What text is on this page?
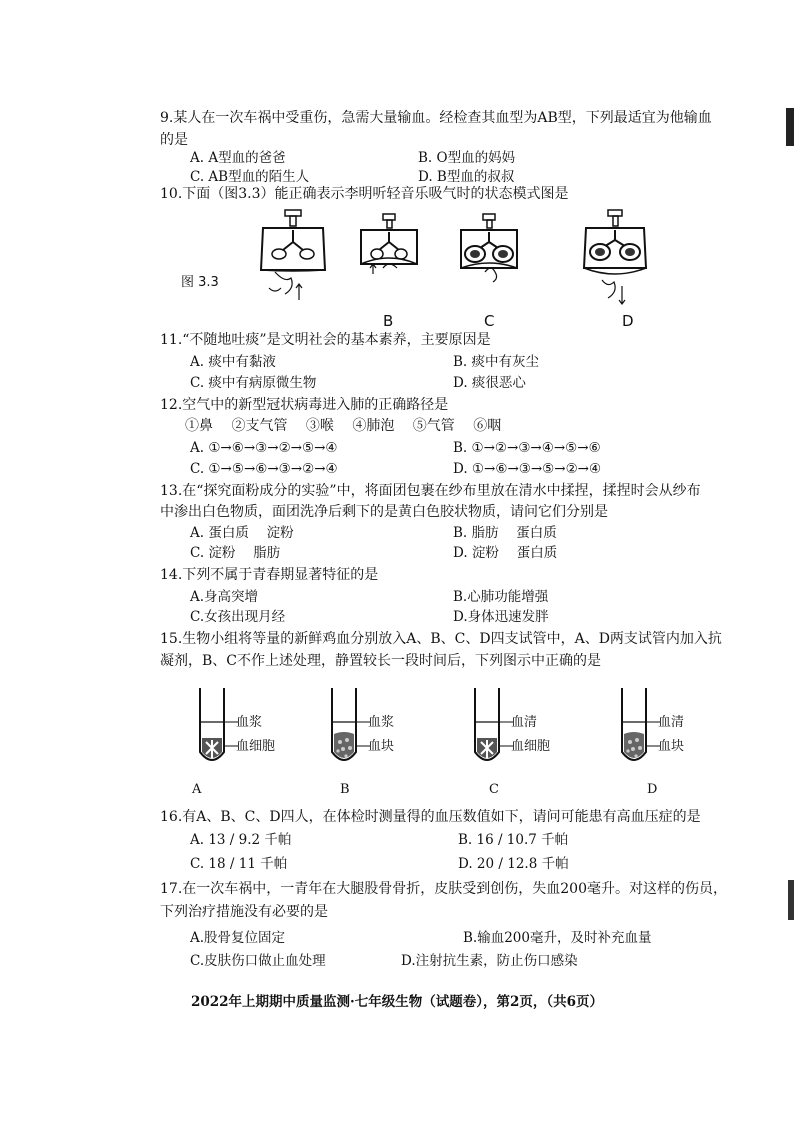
9.某人在一次车祸中受重伤，急需大量输血。经检查其血型为AB型，下列最适宜为他输血
的是
A. A型血的爸爸	B. O型血的妈妈
C. AB型血的陌生人	D. B型血的叔叔
10.下面（图3.3）能正确表示李明听轻音乐吸气时的状态模式图是
图 3.3
B	C	D
11.“不随地吐痰”是文明社会的基本素养，主要原因是
A. 痰中有黏液	B. 痰中有灰尘
C. 痰中有病原微生物	D. 痰很恶心
12.空气中的新型冠状病毒进入肺的正确路径是
①鼻　 ②支气管　 ③喉　 ④肺泡　 ⑤气管　 ⑥咽
A. ①→⑥→③→②→⑤→④	B. ①→②→③→④→⑤→⑥
C. ①→⑤→⑥→③→②→④	D. ①→⑥→③→⑤→②→④
13.在“探究面粉成分的实验”中，将面团包裹在纱布里放在清水中揉捏，揉捏时会从纱布
中渗出白色物质，面团洗净后剩下的是黄白色胶状物质，请问它们分别是
A. 蛋白质　 淀粉	B. 脂肪　 蛋白质
C. 淀粉　 脂肪	D. 淀粉　 蛋白质
14.下列不属于青春期显著特征的是
A.身高突增	B.心肺功能增强
C.女孩出现月经	D.身体迅速发胖
15.生物小组将等量的新鲜鸡血分别放入A、B、C、D四支试管中，A、D两支试管内加入抗
凝剂，B、C不作上述处理，静置较长一段时间后，下列图示中正确的是
血浆
血细胞
A
血浆
血块
B
血清
血细胞
C
血清
血块
D
16.有A、B、C、D四人，在体检时测量得的血压数值如下，请问可能患有高血压症的是
A. 13 / 9.2 千帕	B. 16 / 10.7 千帕
C. 18 / 11 千帕	D. 20 / 12.8 千帕
17.在一次车祸中，一青年在大腿股骨骨折，皮肤受到创伤，失血200毫升。对这样的伤员，
下列治疗措施没有必要的是
A.股骨复位固定	B.输血200毫升，及时补充血量
C.皮肤伤口做止血处理	D.注射抗生素，防止伤口感染
2022年上期期中质量监测·七年级生物（试题卷），第2页，（共6页）
